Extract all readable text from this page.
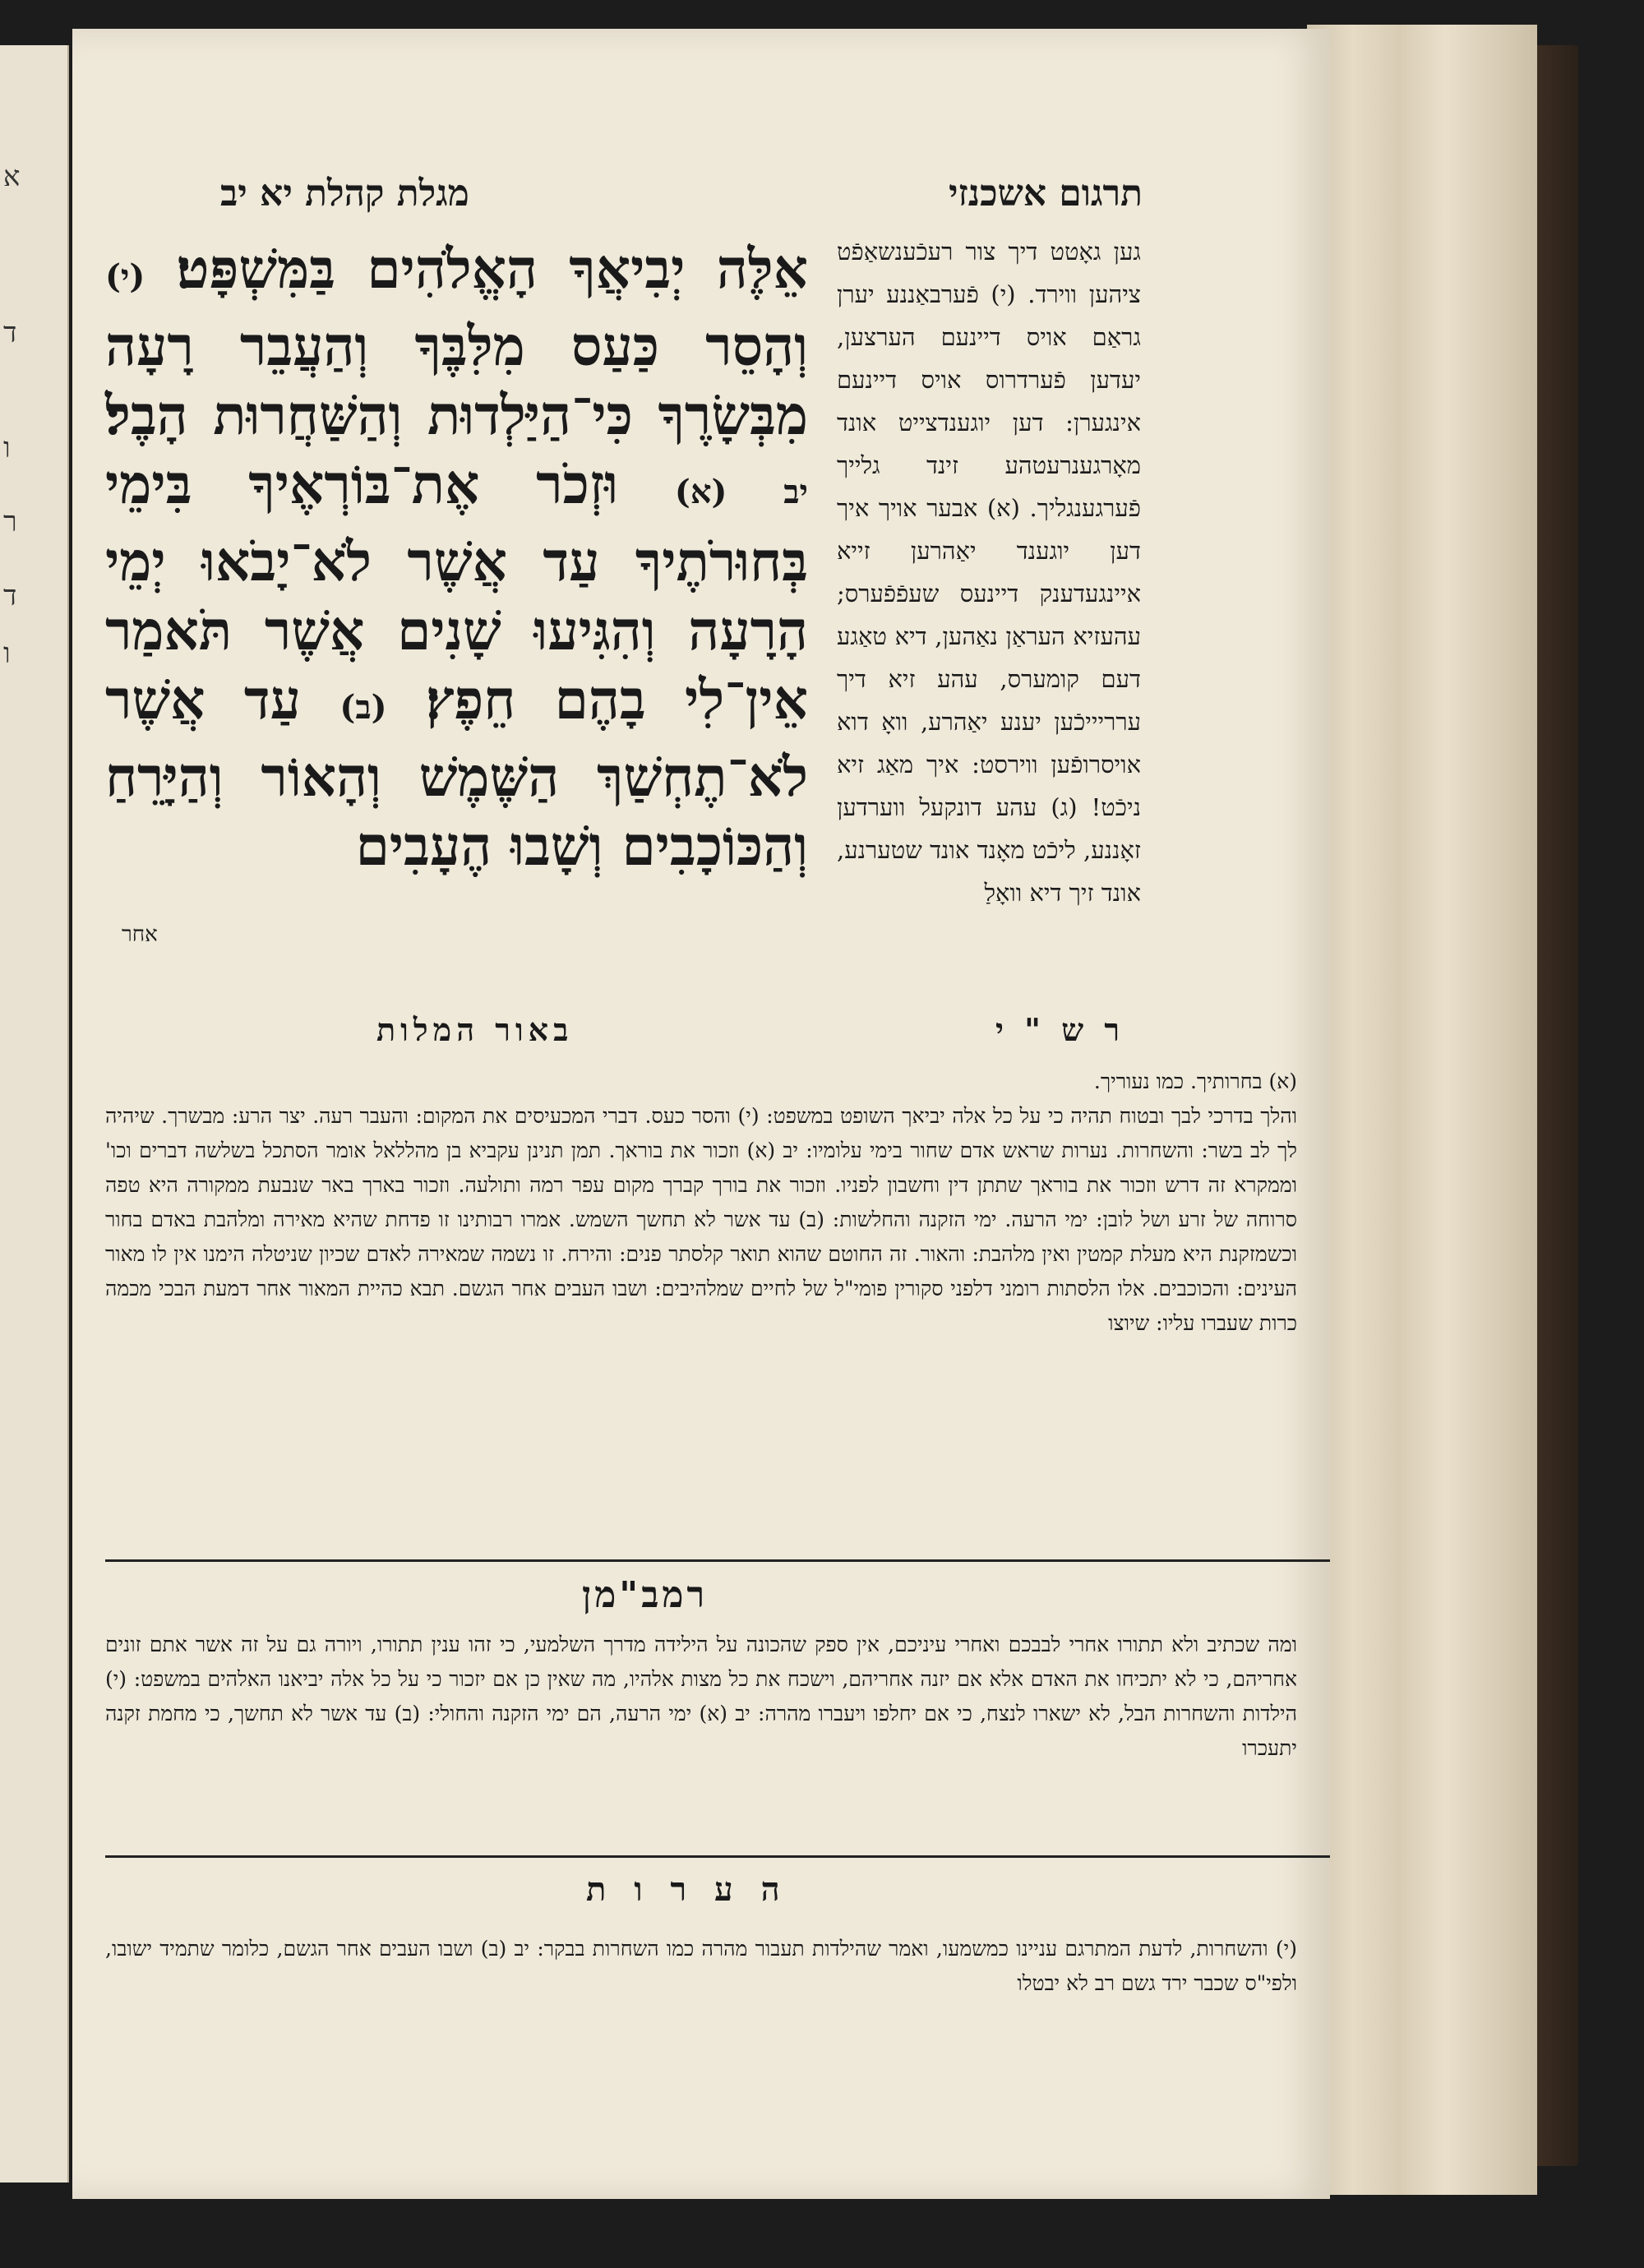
א
ד
ו
ר
ד
ו
תרגום אשכנזי
מגלת קהלת יא יב
גען גאָטט דיך צור רעכֿענשאַפֿט ציהען ווירד. (י) פֿערבאַננע יערן גראַם אויס דיינעם הערצען, יעדען פֿערדרוס אויס דיינעם אינגערן: דען יוגענדצייט אונד מאָרגענרעטהע זינד גלייך פֿערגענגליך. (א) אבער אויך איך דען יוגענד יאַהרען זייא איינגעדענק דיינעס שעפֿפֿערס; עהעזיא העראַן נאַהען, דיא טאַגע דעם קומערס, עהע זיא דיך ערריייכֿען יענע יאַהרע, וואָ דוא אויסרופֿען ווירסט: איך מאַג זיא ניכֿט! (ג) עהע דונקעל ווערדען זאָננע, ליכֿט מאָנד אונד שטערנע, אונד זיך דיא וואָלַ
אֵלֶּה יְבִיאֲךָ הָאֱלֹהִים בַּמִּשְׁפָּט׃ (י) וְהָסֵר כַּעַס מִלִּבֶּךָ וְהַעֲבֵר רָעָה מִבְּשָׂרֶךָ כִּי־הַיַּלְדוּת וְהַשַּׁחֲרוּת הָבֶל׃ יב (א) וּזְכֹר אֶת־בּוֹרְאֶיךָ בִּימֵי בְּחוּרֹתֶיךָ עַד אֲשֶׁר לֹא־יָבֹאוּ יְמֵי הָרָעָה וְהִגִּיעוּ שָׁנִים אֲשֶׁר תֹּאמַר אֵין־לִי בָהֶם חֵפֶץ׃ (ב) עַד אֲשֶׁר לֹא־תֶחְשַׁךְ הַשֶּׁמֶשׁ וְהָאוֹר וְהַיָּרֵחַ וְהַכּוֹכָבִים וְשָׁבוּ הֶעָבִים
אחר
ר ש " י
באור המלות

(א) בחרותיך. כמו נעוריך.

והלך בדרכי לבך ובטוח תהיה כי על כל אלה יביאך השופט במשפט: (י) והסר כעס. דברי המכעיסים את המקום: והעבר רעה. יצר הרע: מבשרך. שיהיה לך לב בשר: והשחרות. נערות שראש אדם שחור בימי עלומיו: יב (א) וזכור את בוראך. תמן תנינן עקביא בן מהללאל אומר הסתכל בשלשה דברים וכו' וממקרא זה דרש וזכור את בוראך שתתן דין וחשבון לפניו. וזכור את בורך קברך מקום עפר רמה ותולעה. וזכור בארך באר שנבעת ממקורה היא טפה סרוחה של זרע ושל לובן: ימי הרעה. ימי הזקנה והחלשות: (ב) עד אשר לא תחשך השמש. אמרו רבותינו זו פדחת שהיא מאירה ומלהבת באדם בחור וכשמזקנת היא מעלת קמטין ואין מלהבת: והאור. זה החוטם שהוא תואר קלסתר פנים: והירח. זו נשמה שמאירה לאדם שכיון שניטלה הימנו אין לו מאור העינים: והכוכבים. אלו הלסתות רומני דלפני סקורין פומי"ל של לחיים שמלהיבים: ושבו העבים אחר הגשם. תבא כהיית המאור אחר דמעת הבכי מכמה כרות שעברו עליו: שיוצו

רמב"מן
ומה שכתיב ולא תתורו אחרי לבבכם ואחרי עיניכם, אין ספק שהכונה על הילידה מדרך השלמעי, כי זהו ענין תתורו, ויורה גם על זה אשר אתם זונים אחריהם, כי לא יתכיחו את האדם אלא אם יזנה אחריהם, וישכח את כל מצות אלהיו, מה שאין כן אם יזכור כי על כל אלה יביאנו האלהים במשפט: (י) הילדות והשחרות הבל, לא ישארו לנצח, כי אם יחלפו ויעברו מהרה: יב (א) ימי הרעה, הם ימי הזקנה והחולי: (ב) עד אשר לא תחשך, כי מחמת זקנה יתעכרו
ה ע ר ו ת
(י) והשחרות, לדעת המתרגם עניינו כמשמעו, ואמר שהילדות תעבור מהרה כמו השחרות בבקר: יב (ב) ושבו העבים אחר הגשם, כלומר שתמיד ישובו, ולפי"ס שכבר ירד גשם רב לא יבטלו
